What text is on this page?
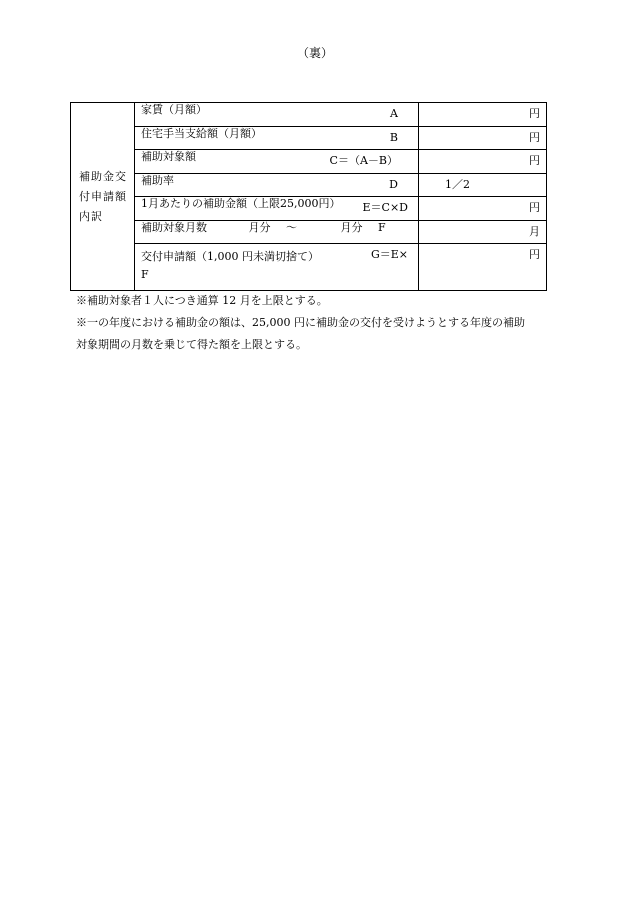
（裏）
補助金交付申請額内訳	家賃（月額） A	円

	住宅手当支給額（月額） B	円

	補助対象額 C＝（A－B）	円

	補助率 D	1／2

	1月あたりの補助金額（上限25,000円） E＝C×D	円

	補助対象月数 月分 ～ 月分 F	月

	交付申請額（1,000 円未満切捨て） G＝E×
F	円

※補助対象者１人につき通算 12 月を上限とする。

※一の年度における補助金の額は、25,000 円に補助金の交付を受けようとする年度の補助

対象期間の月数を乗じて得た額を上限とする。
